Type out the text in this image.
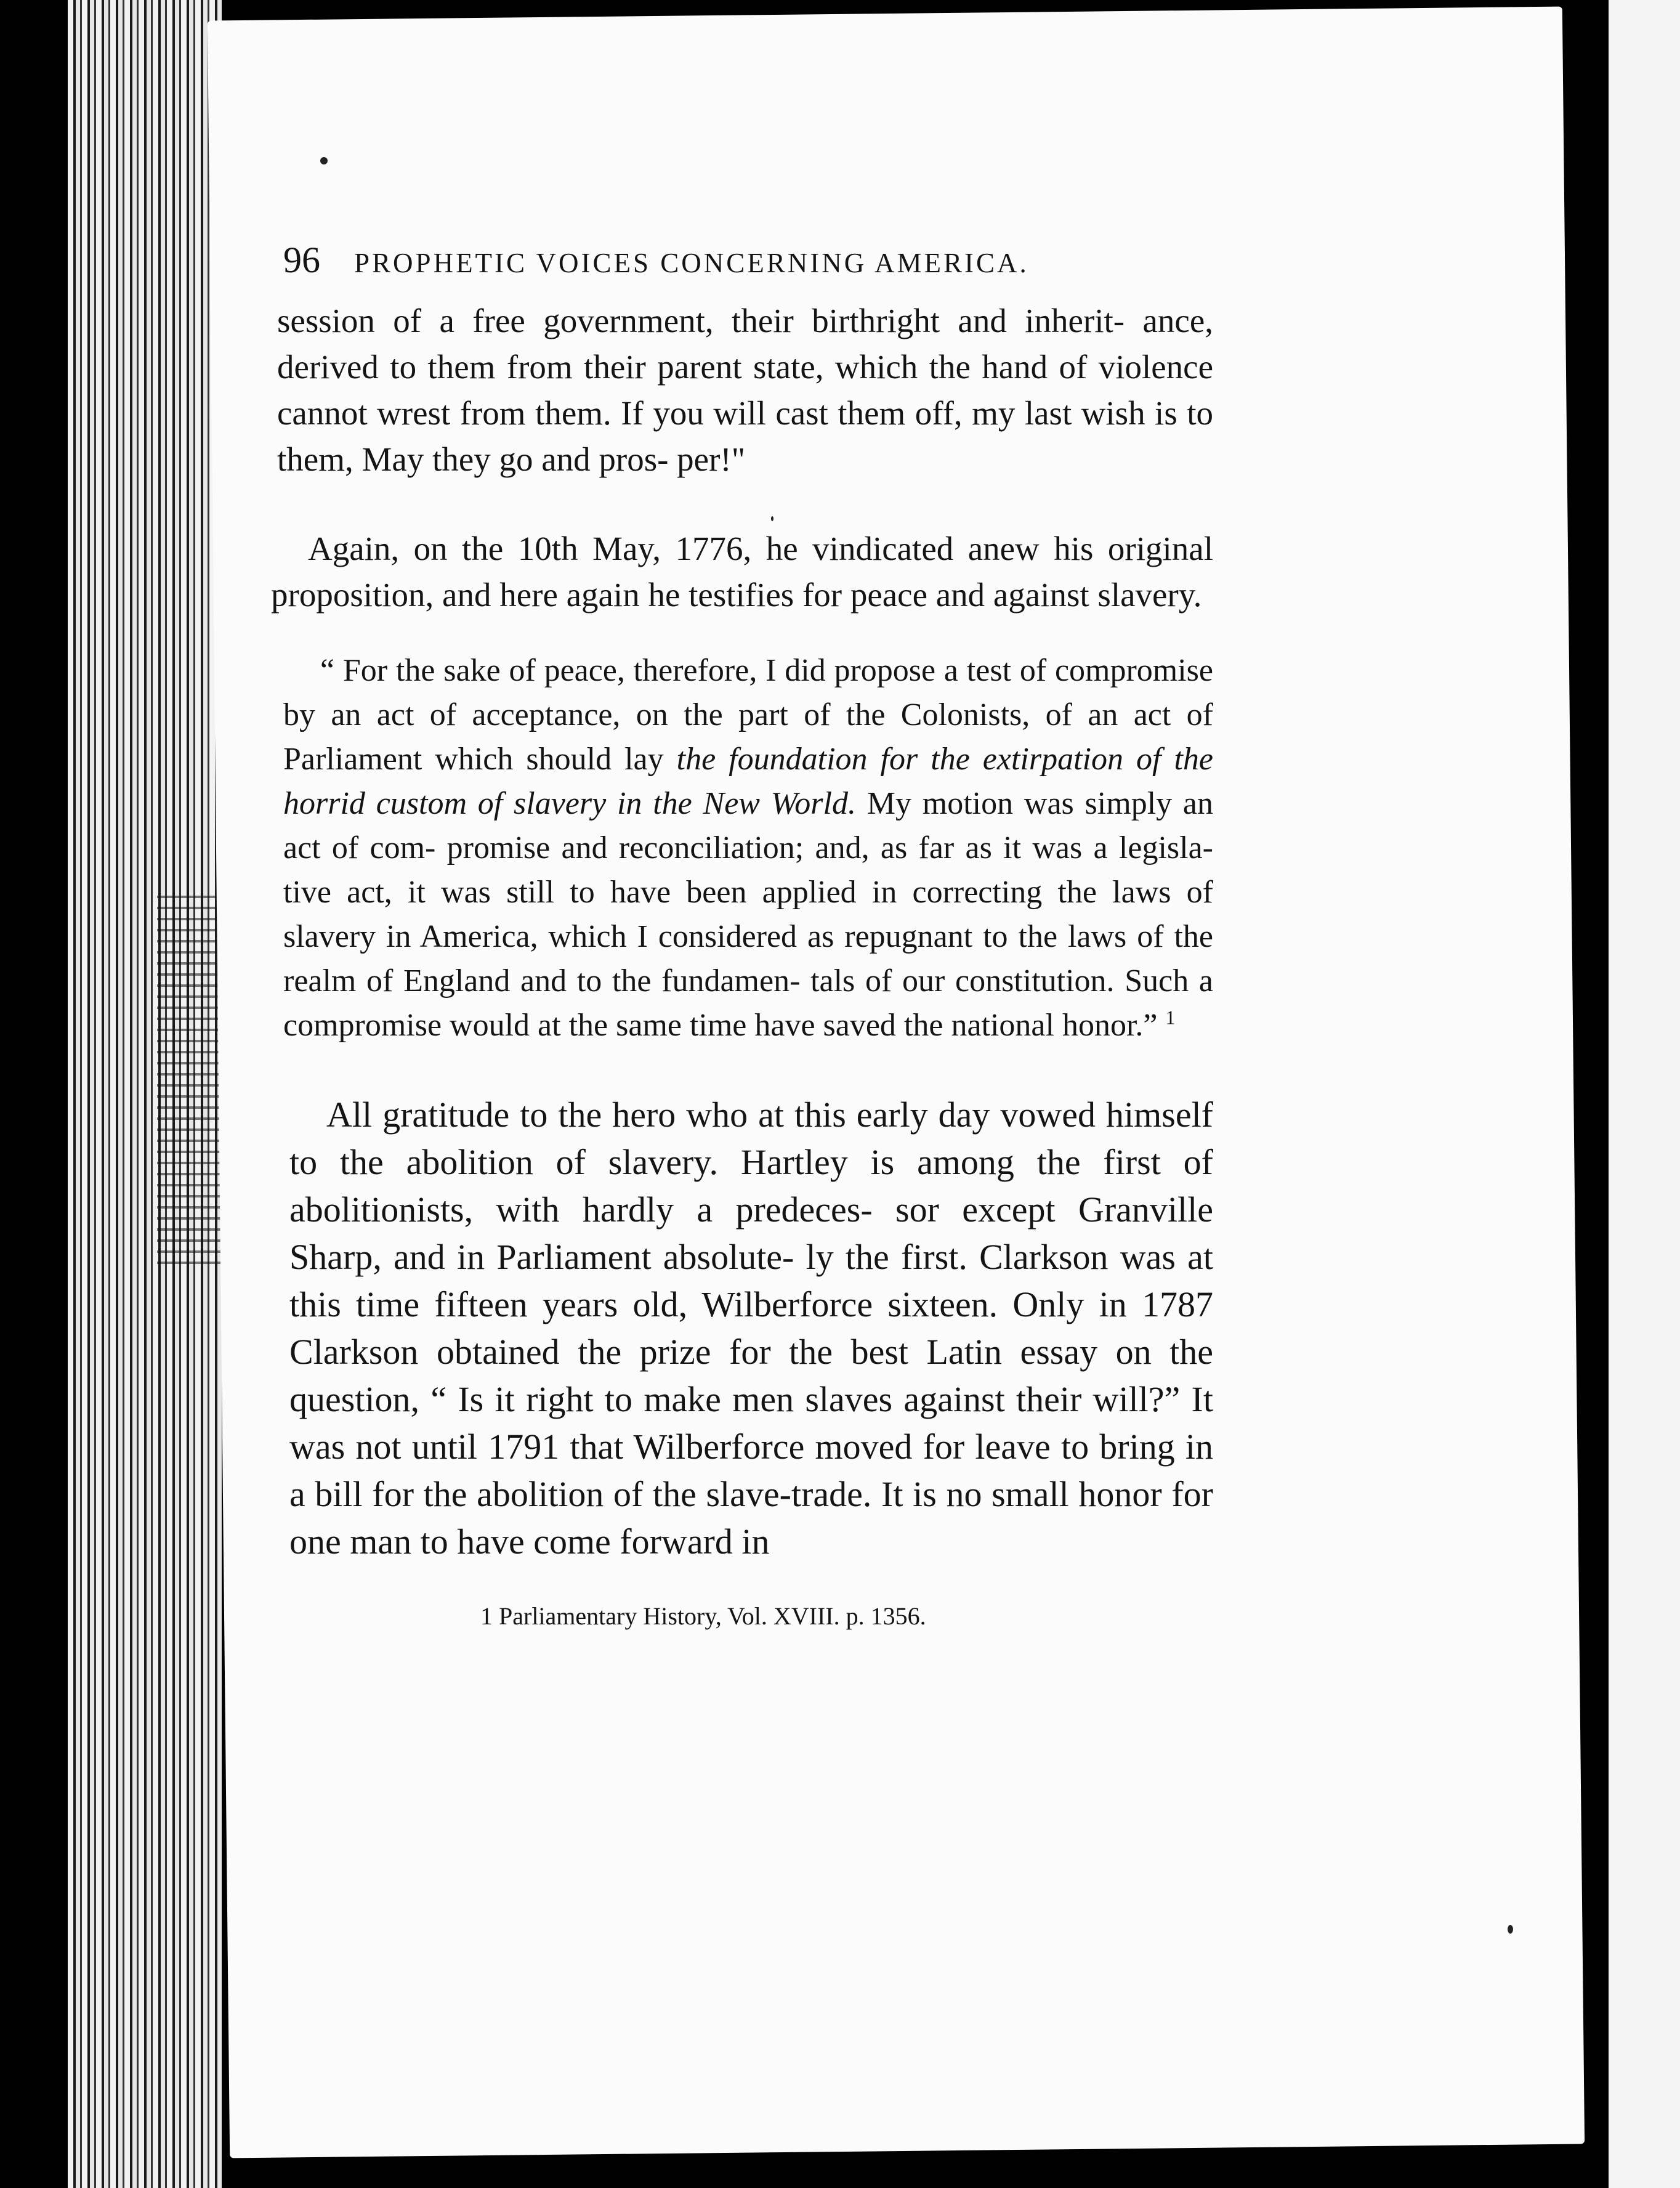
96 PROPHETIC VOICES CONCERNING AMERICA.

session of a free government, their birthright and inherit- ance, derived to them from their parent state, which the hand of violence cannot wrest from them. If you will cast them off, my last wish is to them, May they go and pros- per!"

Again, on the 10th May, 1776, he vindicated anew his original proposition, and here again he testifies for peace and against slavery.

“ For the sake of peace, therefore, I did propose a test of compromise by an act of acceptance, on the part of the Colonists, of an act of Parliament which should lay the foundation for the extirpation of the horrid custom of slavery in the New World. My motion was simply an act of com- promise and reconciliation; and, as far as it was a legisla- tive act, it was still to have been applied in correcting the laws of slavery in America, which I considered as repugnant to the laws of the realm of England and to the fundamen- tals of our constitution. Such a compromise would at the same time have saved the national honor.” $^1$

All gratitude to the hero who at this early day vowed himself to the abolition of slavery. Hartley is among the first of abolitionists, with hardly a predeces- sor except Granville Sharp, and in Parliament absolute- ly the first. Clarkson was at this time fifteen years old, Wilberforce sixteen. Only in 1787 Clarkson obtained the prize for the best Latin essay on the question, “ Is it right to make men slaves against their will?” It was not until 1791 that Wilberforce moved for leave to bring in a bill for the abolition of the slave-trade. It is no small honor for one man to have come forward in

1 Parliamentary History, Vol. XVIII. p. 1356.
